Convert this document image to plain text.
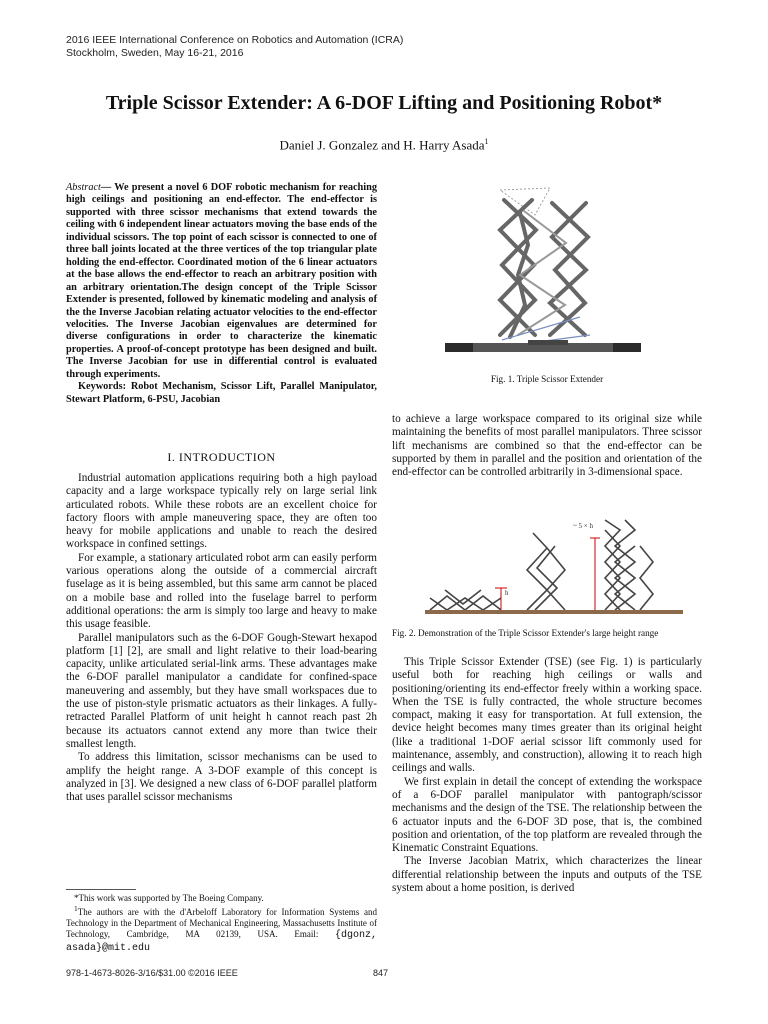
2016 IEEE International Conference on Robotics and Automation (ICRA)
Stockholm, Sweden, May 16-21, 2016
Triple Scissor Extender: A 6-DOF Lifting and Positioning Robot*
Daniel J. Gonzalez and H. Harry Asada$^1$
Abstract— We present a novel 6 DOF robotic mechanism for reaching high ceilings and positioning an end-effector. The end-effector is supported with three scissor mechanisms that extend towards the ceiling with 6 independent linear actuators moving the base ends of the individual scissors. The top point of each scissor is connected to one of three ball joints located at the three vertices of the top triangular plate holding the end-effector. Coordinated motion of the 6 linear actuators at the base allows the end-effector to reach an arbitrary position with an arbitrary orientation.The design concept of the Triple Scissor Extender is presented, followed by kinematic modeling and analysis of the the Inverse Jacobian relating actuator velocities to the end-effector velocities. The Inverse Jacobian eigenvalues are determined for diverse configurations in order to characterize the kinematic properties. A proof-of-concept prototype has been designed and built. The Inverse Jacobian for use in differential control is evaluated through experiments.
Keywords: Robot Mechanism, Scissor Lift, Parallel Manipulator, Stewart Platform, 6-PSU, Jacobian
I. INTRODUCTION

Industrial automation applications requiring both a high payload capacity and a large workspace typically rely on large serial link articulated robots. While these robots are an excellent choice for factory floors with ample maneuvering space, they are often too heavy for mobile applications and unable to reach the desired workspace in confined settings.

For example, a stationary articulated robot arm can easily perform various operations along the outside of a commercial aircraft fuselage as it is being assembled, but this same arm cannot be placed on a mobile base and rolled into the fuselage barrel to perform additional operations: the arm is simply too large and heavy to make this usage feasible.

Parallel manipulators such as the 6-DOF Gough-Stewart hexapod platform [1] [2], are small and light relative to their load-bearing capacity, unlike articulated serial-link arms. These advantages make the 6-DOF parallel manipulator a candidate for confined-space maneuvering and assembly, but they have small workspaces due to the use of piston-style prismatic actuators as their linkages. A fully-retracted Parallel Platform of unit height h cannot reach past 2h because its actuators cannot extend any more than twice their smallest length.

To address this limitation, scissor mechanisms can be used to amplify the height range. A 3-DOF example of this concept is analyzed in [3]. We designed a new class of 6-DOF parallel platform that uses parallel scissor mechanisms

*This work was supported by The Boeing Company.

$^1$The authors are with the d'Arbeloff Laboratory for Information Systems and Technology in the Department of Mechanical Engineering, Massachusetts Institute of Technology, Cambridge, MA 02139, USA. Email: {dgonz, asada}@mit.edu

Fig. 1. Triple Scissor Extender
to achieve a large workspace compared to its original size while maintaining the benefits of most parallel manipulators. Three scissor lift mechanisms are combined so that the end-effector can be supported by them in parallel and the position and orientation of the end-effector can be controlled arbitrarily in 3-dimensional space.
~ 5 × h
h
Fig. 2. Demonstration of the Triple Scissor Extender's large height range

This Triple Scissor Extender (TSE) (see Fig. 1) is particularly useful both for reaching high ceilings or walls and positioning/orienting its end-effector freely within a working space. When the TSE is fully contracted, the whole structure becomes compact, making it easy for transportation. At full extension, the device height becomes many times greater than its original height (like a traditional 1-DOF aerial scissor lift commonly used for maintenance, assembly, and construction), allowing it to reach high ceilings and walls.

We first explain in detail the concept of extending the workspace of a 6-DOF parallel manipulator with pantograph/scissor mechanisms and the design of the TSE. The relationship between the 6 actuator inputs and the 6-DOF 3D pose, that is, the combined position and orientation, of the top platform are revealed through the Kinematic Constraint Equations.

The Inverse Jacobian Matrix, which characterizes the linear differential relationship between the inputs and outputs of the TSE system about a home position, is derived

978-1-4673-8026-3/16/$31.00 ©2016 IEEE	847
